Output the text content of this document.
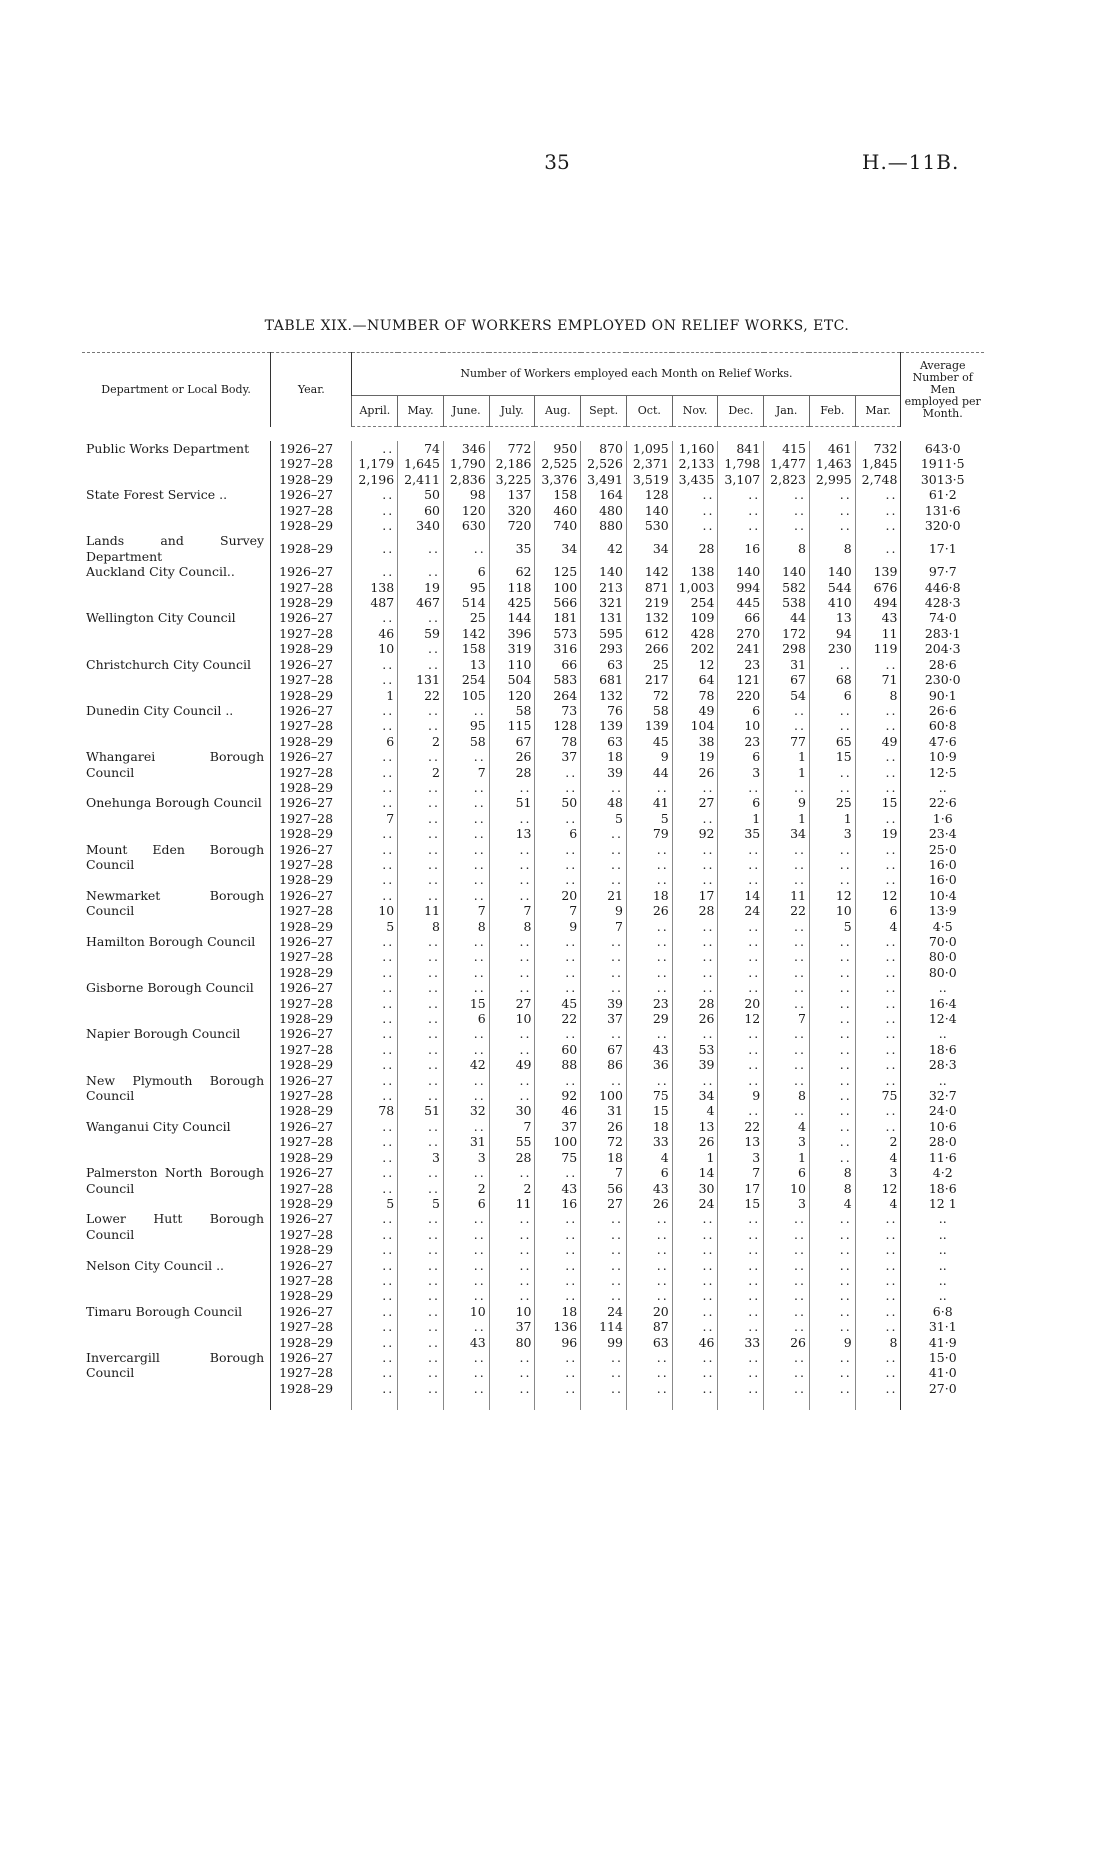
35	H.—11B.
TABLE XIX.—NUMBER OF WORKERS EMPLOYED ON RELIEF WORKS, ETC.
Department or Local Body.	Year.	Number of Workers employed each Month on Relief Works.												Average Number of Men employed per Month.
		April.	May.	June.	July.	Aug.	Sept.	Oct.	Nov.	Dec.	Jan.	Feb.	Mar.	

Public Works Department	1926–27	..	74	346	772	950	870	1,095	1,160	841	415	461	732	643·0
	1927–28	1,179	1,645	1,790	2,186	2,525	2,526	2,371	2,133	1,798	1,477	1,463	1,845	1911·5
	1928–29	2,196	2,411	2,836	3,225	3,376	3,491	3,519	3,435	3,107	2,823	2,995	2,748	3013·5
State Forest Service ..	1926–27	..	50	98	137	158	164	128	..	..	..	..	..	61·2
	1927–28	..	60	120	320	460	480	140	..	..	..	..	..	131·6
	1928–29	..	340	630	720	740	880	530	..	..	..	..	..	320·0
Lands and Survey Department	1928–29	..	..	..	35	34	42	34	28	16	8	8	..	17·1

Auckland City Council..	1926–27	..	..	6	62	125	140	142	138	140	140	140	139	97·7
	1927–28	138	19	95	118	100	213	871	1,003	994	582	544	676	446·8
	1928–29	487	467	514	425	566	321	219	254	445	538	410	494	428·3
Wellington City Council	1926–27	..	..	25	144	181	131	132	109	66	44	13	43	74·0
	1927–28	46	59	142	396	573	595	612	428	270	172	94	11	283·1
	1928–29	10	..	158	319	316	293	266	202	241	298	230	119	204·3
Christchurch City Council	1926–27	..	..	13	110	66	63	25	12	23	31	..	..	28·6
	1927–28	..	131	254	504	583	681	217	64	121	67	68	71	230·0
	1928–29	1	22	105	120	264	132	72	78	220	54	6	8	90·1
Dunedin City Council ..	1926–27	..	..	..	58	73	76	58	49	6	..	..	..	26·6
	1927–28	..	..	95	115	128	139	139	104	10	..	..	..	60·8
	1928–29	6	2	58	67	78	63	45	38	23	77	65	49	47·6
Whangarei Borough Council	1926–27	..	..	..	26	37	18	9	19	6	1	15	..	10·9
	1927–28	..	2	7	28	..	39	44	26	3	1	..	..	12·5
	1928–29	..	..	..	..	..	..	..	..	..	..	..	..	..
Onehunga Borough Council	1926–27	..	..	..	51	50	48	41	27	6	9	25	15	22·6
	1927–28	7	..	..	..	..	5	5	..	1	1	1	..	1·6
	1928–29	..	..	..	13	6	..	79	92	35	34	3	19	23·4
Mount Eden Borough Council	1926–27	..	..	..	..	..	..	..	..	..	..	..	..	25·0
	1927–28	..	..	..	..	..	..	..	..	..	..	..	..	16·0
	1928–29	..	..	..	..	..	..	..	..	..	..	..	..	16·0
Newmarket Borough Council	1926–27	..	..	..	..	20	21	18	17	14	11	12	12	10·4
	1927–28	10	11	7	7	7	9	26	28	24	22	10	6	13·9
	1928–29	5	8	8	8	9	7	..	..	..	..	5	4	4·5
Hamilton Borough Council	1926–27	..	..	..	..	..	..	..	..	..	..	..	..	70·0
	1927–28	..	..	..	..	..	..	..	..	..	..	..	..	80·0
	1928–29	..	..	..	..	..	..	..	..	..	..	..	..	80·0
Gisborne Borough Council	1926–27	..	..	..	..	..	..	..	..	..	..	..	..	..
	1927–28	..	..	15	27	45	39	23	28	20	..	..	..	16·4
	1928–29	..	..	6	10	22	37	29	26	12	7	..	..	12·4
Napier Borough Council	1926–27	..	..	..	..	..	..	..	..	..	..	..	..	..
	1927–28	..	..	..	..	60	67	43	53	..	..	..	..	18·6
	1928–29	..	..	42	49	88	86	36	39	..	..	..	..	28·3
New Plymouth Borough Council	1926–27	..	..	..	..	..	..	..	..	..	..	..	..	..
	1927–28	..	..	..	..	92	100	75	34	9	8	..	75	32·7
	1928–29	78	51	32	30	46	31	15	4	..	..	..	..	24·0
Wanganui City Council	1926–27	..	..	..	7	37	26	18	13	22	4	..	..	10·6
	1927–28	..	..	31	55	100	72	33	26	13	3	..	2	28·0
	1928–29	..	3	3	28	75	18	4	1	3	1	..	4	11·6
Palmerston North Borough Council	1926–27	..	..	..	..	..	7	6	14	7	6	8	3	4·2
	1927–28	..	..	2	2	43	56	43	30	17	10	8	12	18·6
	1928–29	5	5	6	11	16	27	26	24	15	3	4	4	12 1
Lower Hutt Borough Council	1926–27	..	..	..	..	..	..	..	..	..	..	..	..	..
	1927–28	..	..	..	..	..	..	..	..	..	..	..	..	..
	1928–29	..	..	..	..	..	..	..	..	..	..	..	..	..
Nelson City Council ..	1926–27	..	..	..	..	..	..	..	..	..	..	..	..	..
	1927–28	..	..	..	..	..	..	..	..	..	..	..	..	..
	1928–29	..	..	..	..	..	..	..	..	..	..	..	..	..
Timaru Borough Council	1926–27	..	..	10	10	18	24	20	..	..	..	..	..	6·8
	1927–28	..	..	..	37	136	114	87	..	..	..	..	..	31·1
	1928–29	..	..	43	80	96	99	63	46	33	26	9	8	41·9
Invercargill Borough Council	1926–27	..	..	..	..	..	..	..	..	..	..	..	..	15·0
	1927–28	..	..	..	..	..	..	..	..	..	..	..	..	41·0
	1928–29	..	..	..	..	..	..	..	..	..	..	..	..	27·0
